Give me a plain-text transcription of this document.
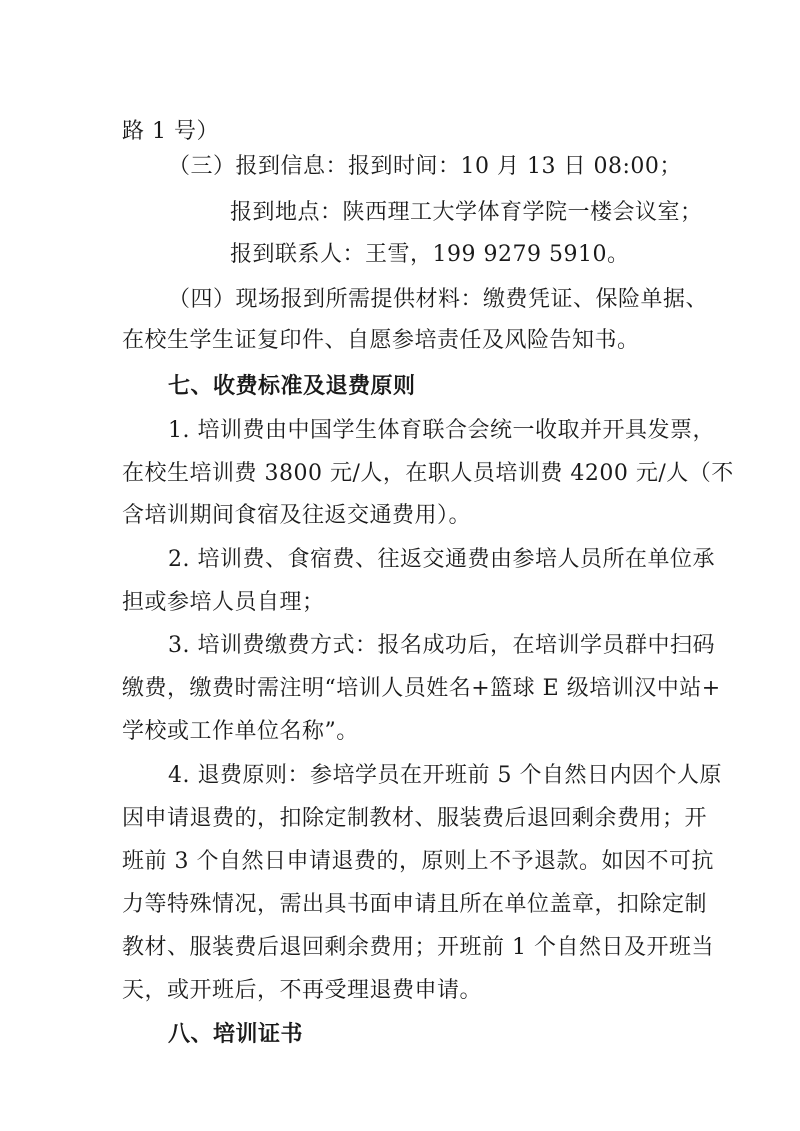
路 1 号）
（三）报到信息：报到时间：10 月 13 日 08:00；
报到地点：陕西理工大学体育学院一楼会议室；
报到联系人：王雪，199 9279 5910。
（四）现场报到所需提供材料：缴费凭证、保险单据、
在校生学生证复印件、自愿参培责任及风险告知书。
七、收费标准及退费原则
1. 培训费由中国学生体育联合会统一收取并开具发票，
在校生培训费 3800 元/人，在职人员培训费 4200 元/人（不
含培训期间食宿及往返交通费用）。
2. 培训费、食宿费、往返交通费由参培人员所在单位承
担或参培人员自理；
3. 培训费缴费方式：报名成功后，在培训学员群中扫码
缴费，缴费时需注明“培训人员姓名+篮球 E 级培训汉中站+
学校或工作单位名称”。
4. 退费原则：参培学员在开班前 5 个自然日内因个人原
因申请退费的，扣除定制教材、服装费后退回剩余费用；开
班前 3 个自然日申请退费的，原则上不予退款。如因不可抗
力等特殊情况，需出具书面申请且所在单位盖章，扣除定制
教材、服装费后退回剩余费用；开班前 1 个自然日及开班当
天，或开班后，不再受理退费申请。
八、培训证书
